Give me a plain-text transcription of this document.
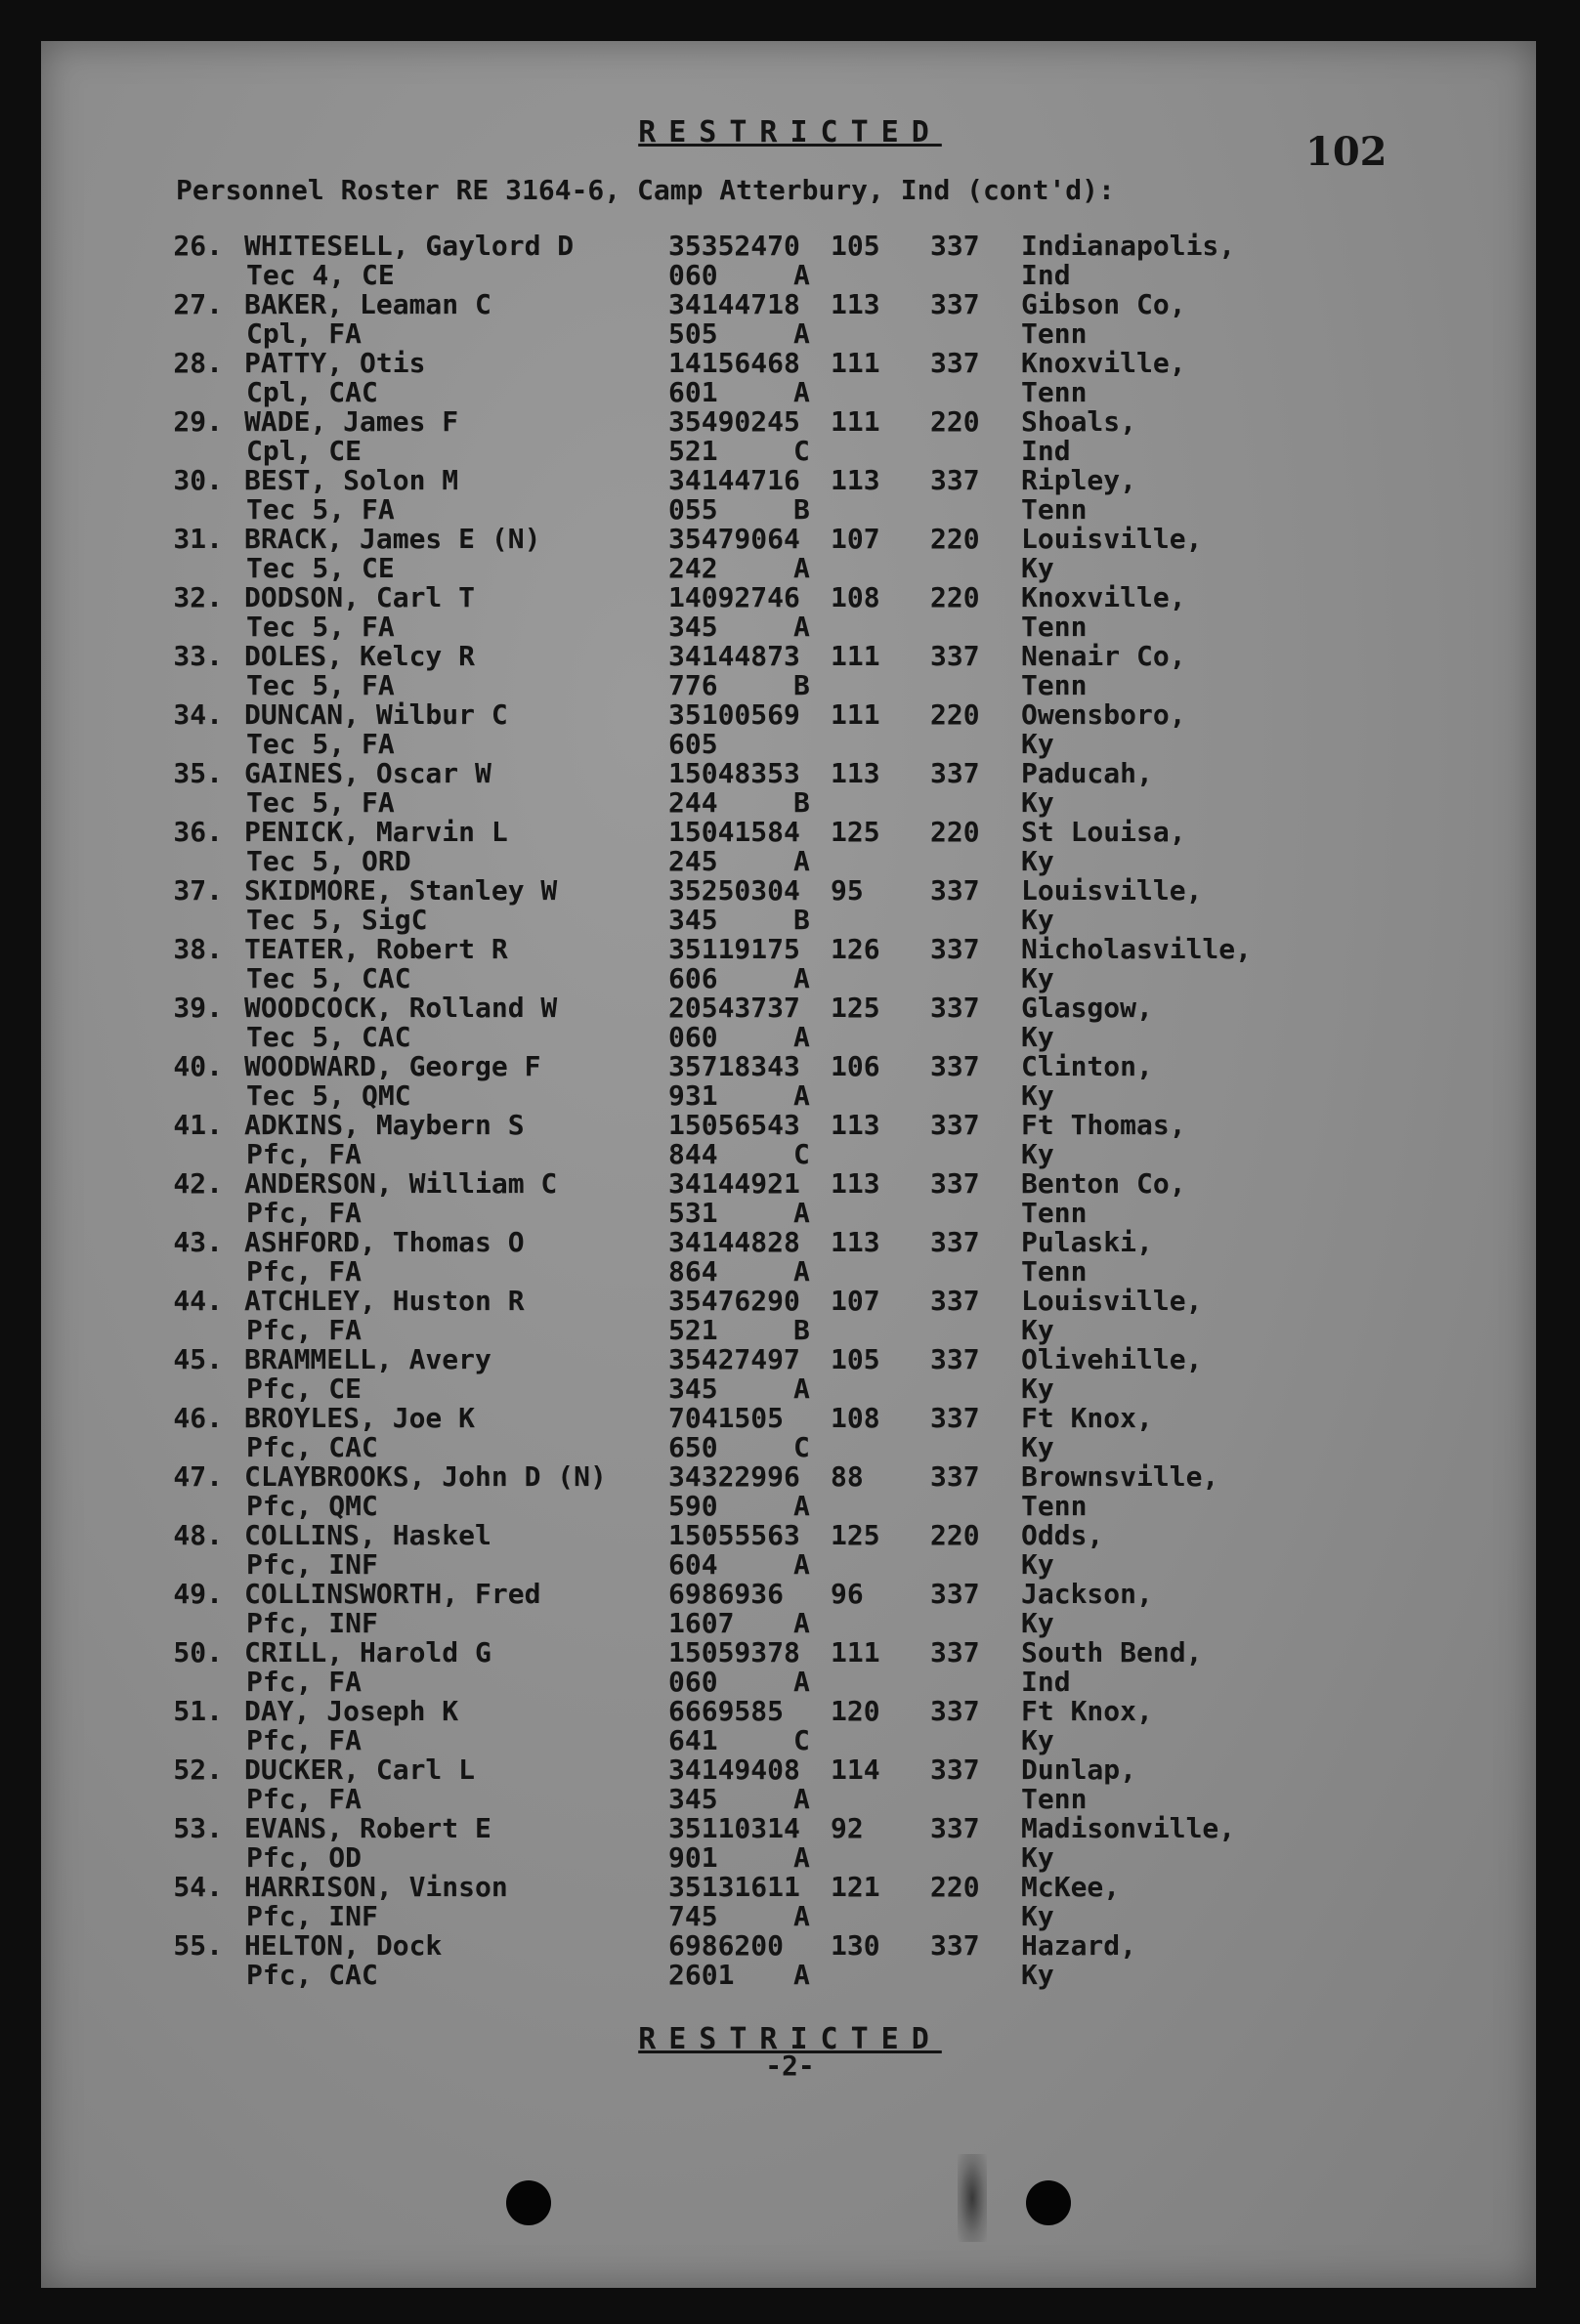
RESTRICTED	102
Personnel Roster RE 3164-6, Camp Atterbury, Ind (cont'd):
26. WHITESELL, Gaylord D	35352470 105 337 Indianapolis,
Tec 4, CE	060	A	Ind
27. BAKER, Leaman C	34144718 113 337 Gibson Co,
Cpl, FA	505	A	Tenn
28. PATTY, Otis	14156468 111 337 Knoxville,
Cpl, CAC	601	A	Tenn
29. WADE, James F	35490245 111 220 Shoals,
Cpl, CE	521	C	Ind
30. BEST, Solon M	34144716 113 337 Ripley,
Tec 5, FA	055	B	Tenn
31. BRACK, James E (N)	35479064 107 220 Louisville,
Tec 5, CE	242	A	Ky
32. DODSON, Carl T	14092746 108 220 Knoxville,
Tec 5, FA	345	A	Tenn
33. DOLES, Kelcy R	34144873 111 337 Nenair Co,
Tec 5, FA	776	B	Tenn
34. DUNCAN, Wilbur C	35100569 111 220 Owensboro,
Tec 5, FA	605	Ky
35. GAINES, Oscar W	15048353 113 337 Paducah,
Tec 5, FA	244	B	Ky
36. PENICK, Marvin L	15041584 125 220 St Louisa,
Tec 5, ORD	245	A	Ky
37. SKIDMORE, Stanley W	35250304 95 337 Louisville,
Tec 5, SigC	345	B	Ky
38. TEATER, Robert R	35119175 126 337 Nicholasville,
Tec 5, CAC	606	A	Ky
39. WOODCOCK, Rolland W	20543737 125 337 Glasgow,
Tec 5, CAC	060	A	Ky
40. WOODWARD, George F	35718343 106 337 Clinton,
Tec 5, QMC	931	A	Ky
41. ADKINS, Maybern S	15056543 113 337 Ft Thomas,
Pfc, FA	844	C	Ky
42. ANDERSON, William C	34144921 113 337 Benton Co,
Pfc, FA	531	A	Tenn
43. ASHFORD, Thomas O	34144828 113 337 Pulaski,
Pfc, FA	864	A	Tenn
44. ATCHLEY, Huston R	35476290 107 337 Louisville,
Pfc, FA	521	B	Ky
45. BRAMMELL, Avery	35427497 105 337 Olivehille,
Pfc, CE	345	A	Ky
46. BROYLES, Joe K	7041505 108 337 Ft Knox,
Pfc, CAC	650	C	Ky
47. CLAYBROOKS, John D (N) 34322996 88 337 Brownsville,
Pfc, QMC	590	A	Tenn
48. COLLINS, Haskel	15055563 125 220 Odds,
Pfc, INF	604	A	Ky
49. COLLINSWORTH, Fred	6986936 96 337 Jackson,
Pfc, INF	1607 A	Ky
50. CRILL, Harold G	15059378 111 337 South Bend,
Pfc, FA	060	A	Ind
51. DAY, Joseph K	6669585 120 337 Ft Knox,
Pfc, FA	641	C	Ky
52. DUCKER, Carl L	34149408 114 337 Dunlap,
Pfc, FA	345	A	Tenn
53. EVANS, Robert E	35110314 92 337 Madisonville,
Pfc, OD	901	A	Ky
54. HARRISON, Vinson	35131611 121 220 McKee,
Pfc, INF	745	A	Ky
55. HELTON, Dock	6986200 130 337 Hazard,
Pfc, CAC	2601 A	Ky
RESTRICTED
-2-
